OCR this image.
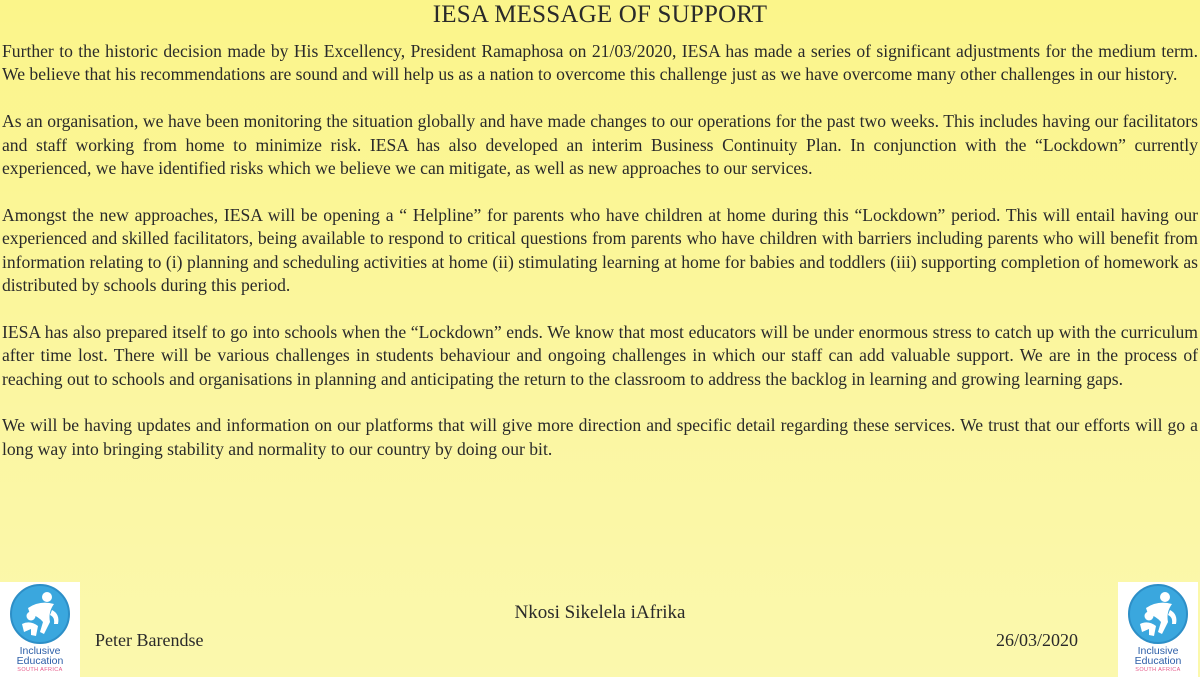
IESA MESSAGE OF SUPPORT

Further to the historic decision made by His Excellency, President Ramaphosa on 21/03/2020, IESA has made a series of significant adjustments for the medium term. We believe that his recommendations are sound and will help us as a nation to overcome this challenge just as we have overcome many other challenges in our history.

As an organisation, we have been monitoring the situation globally and have made changes to our operations for the past two weeks. This includes having our facilitators and staff working from home to minimize risk. IESA has also developed an interim Business Continuity Plan. In conjunction with the “Lockdown” currently experienced, we have identified risks which we believe we can mitigate, as well as new approaches to our services.

Amongst the new approaches, IESA will be opening a “ Helpline” for parents who have children at home during this “Lockdown” period. This will entail having our experienced and skilled facilitators, being available to respond to critical questions from parents who have children with barriers including parents who will benefit from information relating to (i) planning and scheduling activities at home (ii) stimulating learning at home for babies and toddlers (iii) supporting completion of homework as distributed by schools during this period.

IESA has also prepared itself to go into schools when the “Lockdown” ends. We know that most educators will be under enormous stress to catch up with the curriculum after time lost. There will be various challenges in students behaviour and ongoing challenges in which our staff can add valuable support. We are in the process of reaching out to schools and organisations in planning and anticipating the return to the classroom to address the backlog in learning and growing learning gaps.

We will be having updates and information on our platforms that will give more direction and specific detail regarding these services. We trust that our efforts will go a long way into bringing stability and normality to our country by doing our bit.

Inclusive
Education
SOUTH AFRICA
Inclusive
Education
SOUTH AFRICA
Nkosi Sikelela iAfrika
Peter Barendse	26/03/2020
